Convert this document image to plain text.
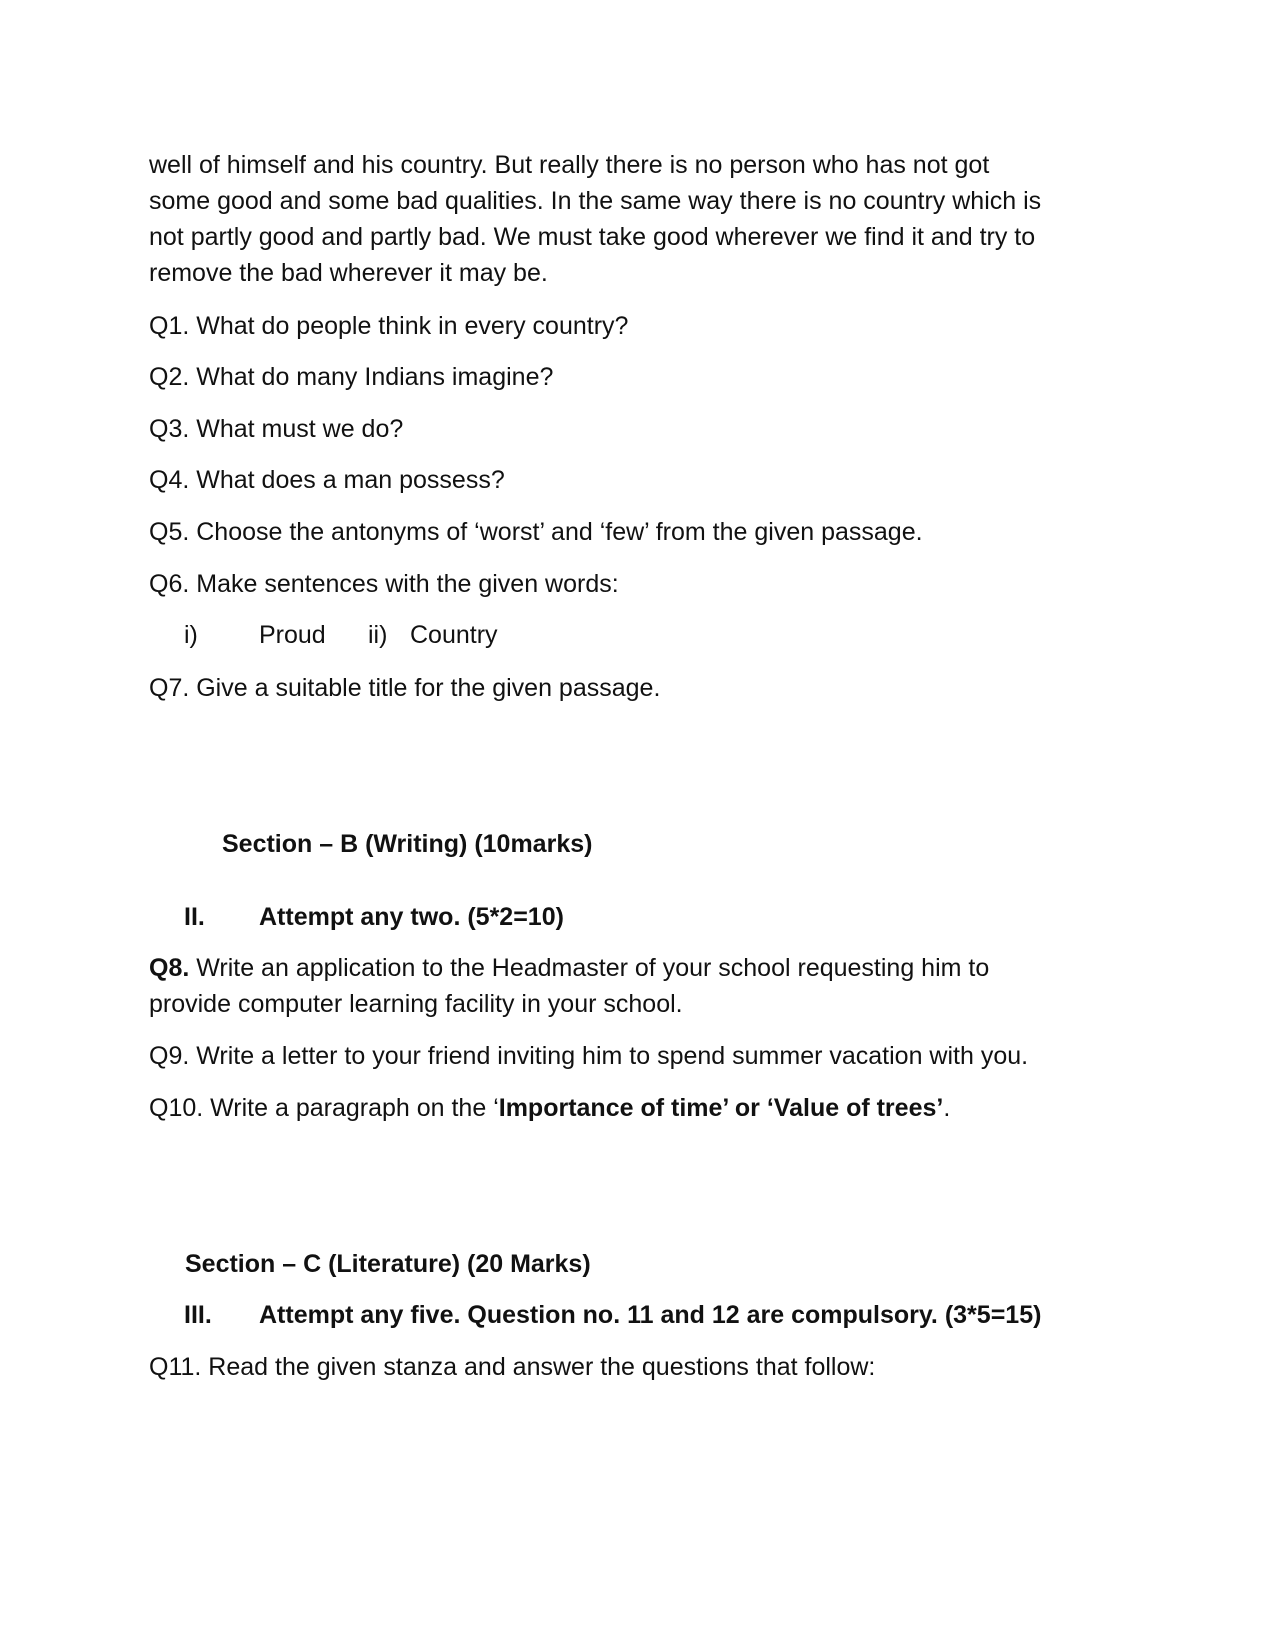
well of himself and his country. But really there is no person who has not got
some good and some bad qualities. In the same way there is no country which is
not partly good and partly bad. We must take good wherever we find it and try to
remove the bad wherever it may be.
Q1. What do people think in every country?
Q2. What do many Indians imagine?
Q3. What must we do?
Q4. What does a man possess?
Q5. Choose the antonyms of ‘worst’ and ‘few’ from the given passage.
Q6. Make sentences with the given words:
i) Proud ii) Country
Q7. Give a suitable title for the given passage.
Section – B (Writing) (10marks)
II. Attempt any two. (5*2=10)
Q8. Write an application to the Headmaster of your school requesting him to
provide computer learning facility in your school.
Q9. Write a letter to your friend inviting him to spend summer vacation with you.
Q10. Write a paragraph on the ‘Importance of time’ or ‘Value of trees’.
Section – C (Literature) (20 Marks)
III. Attempt any five. Question no. 11 and 12 are compulsory. (3*5=15)
Q11. Read the given stanza and answer the questions that follow:
